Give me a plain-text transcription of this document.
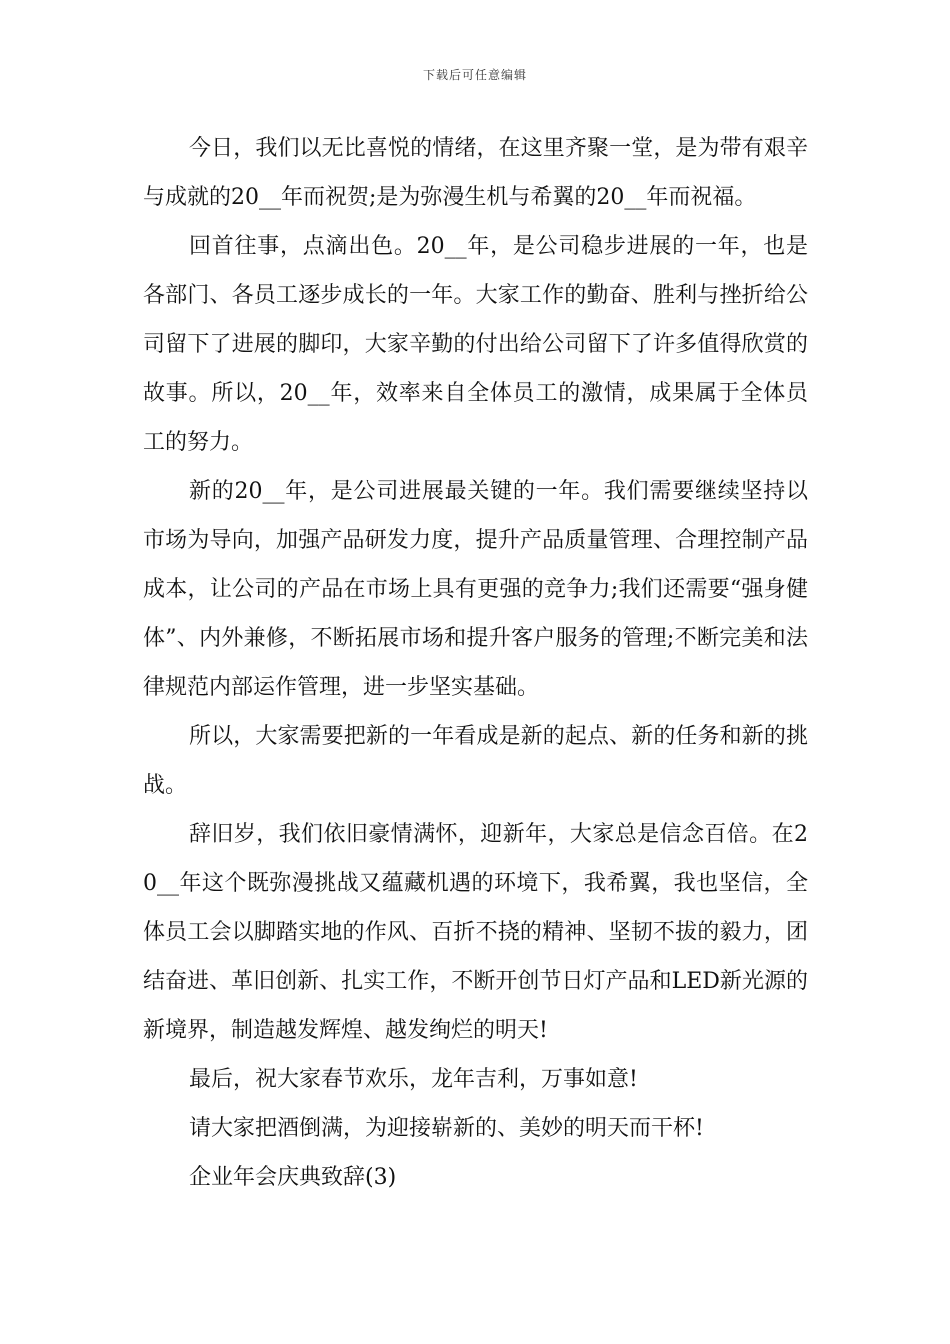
下载后可任意编辑

今日，我们以无比喜悦的情绪，在这里齐聚一堂，是为带有艰辛与成就的20__年而祝贺;是为弥漫生机与希翼的20__年而祝福。

回首往事，点滴出色。20__年，是公司稳步进展的一年，也是各部门、各员工逐步成长的一年。大家工作的勤奋、胜利与挫折给公司留下了进展的脚印，大家辛勤的付出给公司留下了许多值得欣赏的故事。所以，20__年，效率来自全体员工的激情，成果属于全体员工的努力。

新的20__年，是公司进展最关键的一年。我们需要继续坚持以市场为导向，加强产品研发力度，提升产品质量管理、合理控制产品成本，让公司的产品在市场上具有更强的竞争力;我们还需要“强身健体”、内外兼修，不断拓展市场和提升客户服务的管理;不断完美和法律规范内部运作管理，进一步坚实基础。

所以，大家需要把新的一年看成是新的起点、新的任务和新的挑战。

辞旧岁，我们依旧豪情满怀，迎新年，大家总是信念百倍。在20__年这个既弥漫挑战又蕴藏机遇的环境下，我希翼，我也坚信，全体员工会以脚踏实地的作风、百折不挠的精神、坚韧不拔的毅力，团结奋进、革旧创新、扎实工作，不断开创节日灯产品和LED新光源的新境界，制造越发辉煌、越发绚烂的明天!

最后，祝大家春节欢乐，龙年吉利，万事如意!

请大家把酒倒满，为迎接崭新的、美妙的明天而干杯!

企业年会庆典致辞(3)
